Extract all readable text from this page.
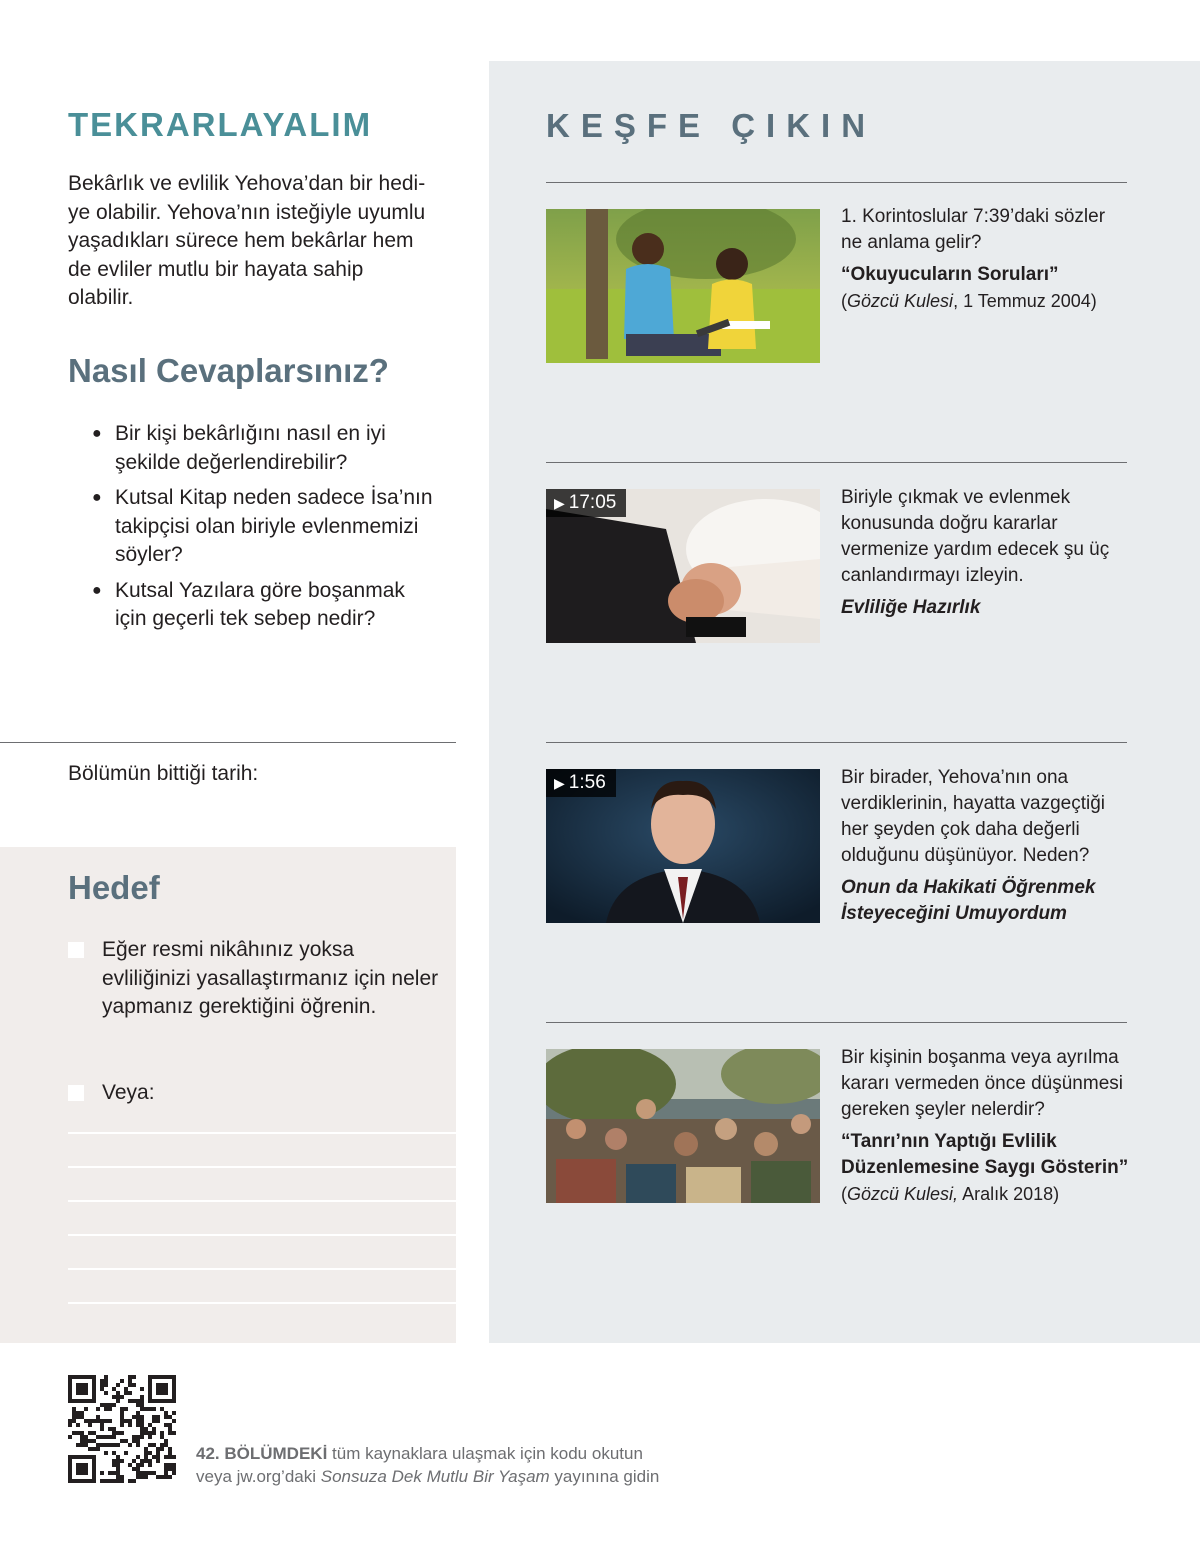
TEKRARLAYALIM
Bekârlık ve evlilik Yehova’dan bir hedi-
ye olabilir. Yehova’nın isteğiyle uyumlu
yaşadıkları sürece hem bekârlar hem
de evliler mutlu bir hayata sahip
olabilir.
Nasıl Cevaplarsınız?
● Bir kişi bekârlığını nasıl en iyi şekilde değerlendirebilir?
● Kutsal Kitap neden sadece İsa’nın takipçisi olan biriyle evlenmemizi söyler?
● Kutsal Yazılara göre boşanmak için geçerli tek sebep nedir?
Bölümün bittiği tarih:
Hedef
Eğer resmi nikâhınız yoksa evliliğinizi yasallaştırmanız için neler yapmanız gerektiğini öğrenin.
Veya:
KEŞFE ÇIKIN
1. Korintoslular 7:39’daki sözler ne anlama gelir?
“Okuyucuların Soruları”
(Gözcü Kulesi, 1 Temmuz 2004)
▶ 17:05	Biriyle çıkmak ve evlenmek konusunda doğru kararlar vermenize yardım edecek şu üç canlandırmayı izleyin.
Evliliğe Hazırlık
▶ 1:56	Bir birader, Yehova’nın ona verdiklerinin, hayatta vazgeçtiği her şeyden çok daha değerli olduğunu düşünüyor. Neden?
Onun da Hakikati Öğrenmek İsteyeceğini Umuyordum
Bir kişinin boşanma veya ayrılma kararı vermeden önce düşünmesi gereken şeyler nelerdir?
“Tanrı’nın Yaptığı Evlilik Düzenlemesine Saygı Gösterin” (Gözcü Kulesi, Aralık 2018)
42. BÖLÜMDEKİ tüm kaynaklara ulaşmak için kodu okutun
veya jw.org’daki Sonsuza Dek Mutlu Bir Yaşam yayınına gidin
